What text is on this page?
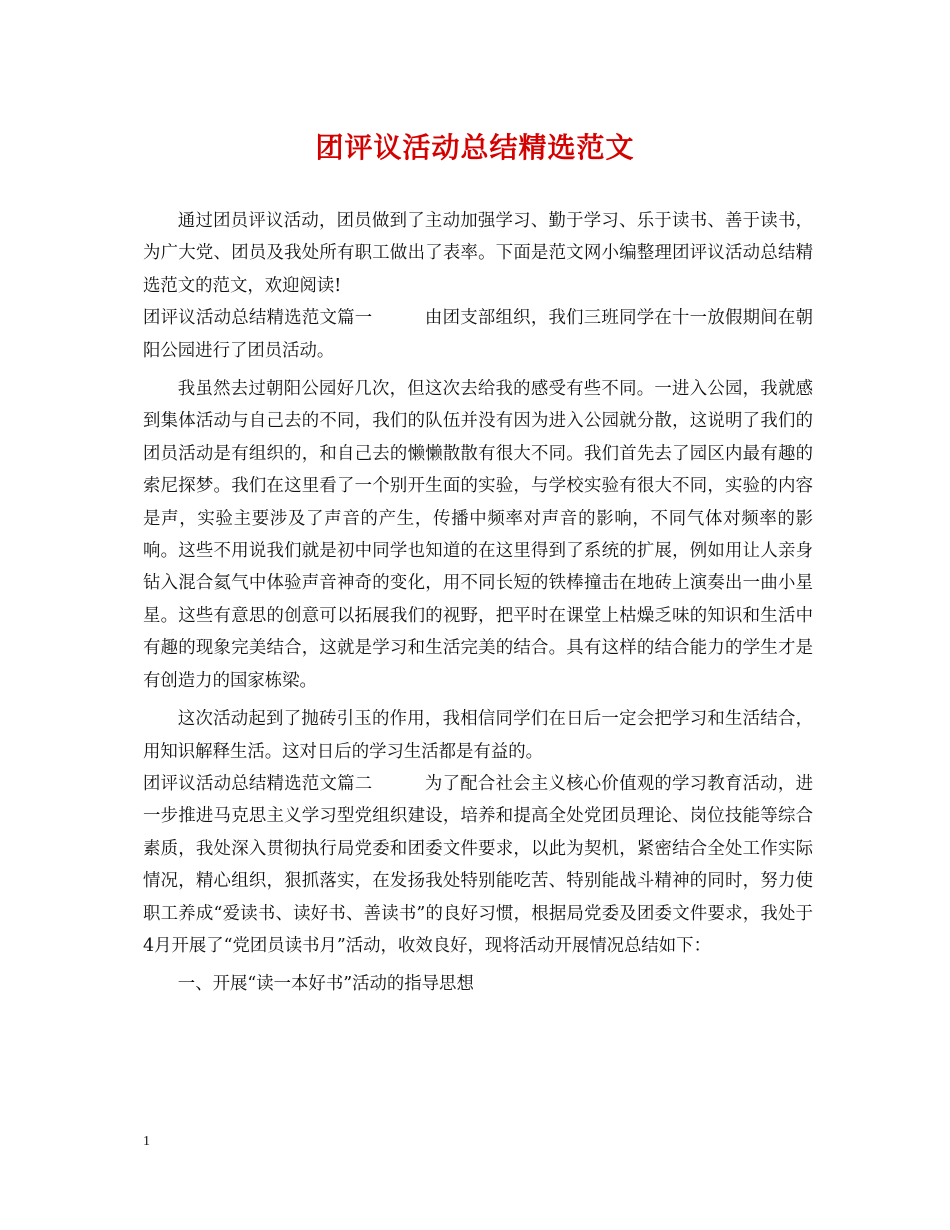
团评议活动总结精选范文

通过团员评议活动，团员做到了主动加强学习、勤于学习、乐于读书、善于读书，为广大党、团员及我处所有职工做出了表率。下面是范文网小编整理团评议活动总结精选范文的范文，欢迎阅读!

团评议活动总结精选范文篇一	由团支部组织，我们三班同学在十一放假期间在朝阳公园进行了团员活动。

我虽然去过朝阳公园好几次，但这次去给我的感受有些不同。一进入公园，我就感到集体活动与自己去的不同，我们的队伍并没有因为进入公园就分散，这说明了我们的团员活动是有组织的，和自己去的懒懒散散有很大不同。我们首先去了园区内最有趣的索尼探梦。我们在这里看了一个别开生面的实验，与学校实验有很大不同，实验的内容是声，实验主要涉及了声音的产生，传播中频率对声音的影响，不同气体对频率的影响。这些不用说我们就是初中同学也知道的在这里得到了系统的扩展，例如用让人亲身钻入混合氦气中体验声音神奇的变化，用不同长短的铁棒撞击在地砖上演奏出一曲小星星。这些有意思的创意可以拓展我们的视野，把平时在课堂上枯燥乏味的知识和生活中有趣的现象完美结合，这就是学习和生活完美的结合。具有这样的结合能力的学生才是有创造力的国家栋梁。

这次活动起到了抛砖引玉的作用，我相信同学们在日后一定会把学习和生活结合，用知识解释生活。这对日后的学习生活都是有益的。

团评议活动总结精选范文篇二	为了配合社会主义核心价值观的学习教育活动，进一步推进马克思主义学习型党组织建设，培养和提高全处党团员理论、岗位技能等综合素质，我处深入贯彻执行局党委和团委文件要求，以此为契机，紧密结合全处工作实际情况，精心组织，狠抓落实，在发扬我处特别能吃苦、特别能战斗精神的同时，努力使职工养成“爱读书、读好书、善读书”的良好习惯，根据局党委及团委文件要求，我处于4月开展了“党团员读书月”活动，收效良好，现将活动开展情况总结如下：

一、开展“读一本好书”活动的指导思想

1
